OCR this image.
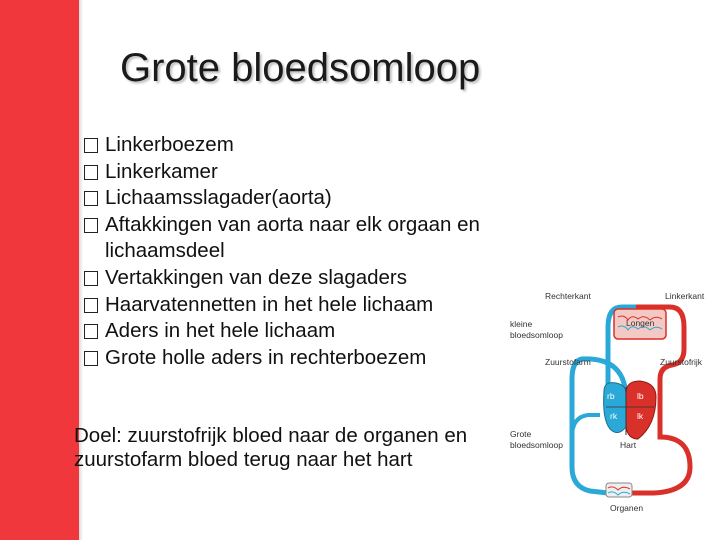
Grote bloedsomloop
Linkerboezem
Linkerkamer
Lichaamsslagader(aorta)
Aftakkingen van aorta naar elk orgaan en lichaamsdeel
Vertakkingen van deze slagaders
Haarvatennetten in het hele lichaam
Aders in het hele lichaam
Grote holle aders in rechterboezem
Doel: zuurstofrijk bloed naar de organen en zuurstofarm bloed terug naar het hart
Rechterkant	Linkerkant
kleine
bloedsomloop
Longen
Zuurstofarm	Zuurstofrijk
rb	lb
rk lk
Grote
bloedsomloop	Hart
Organen
